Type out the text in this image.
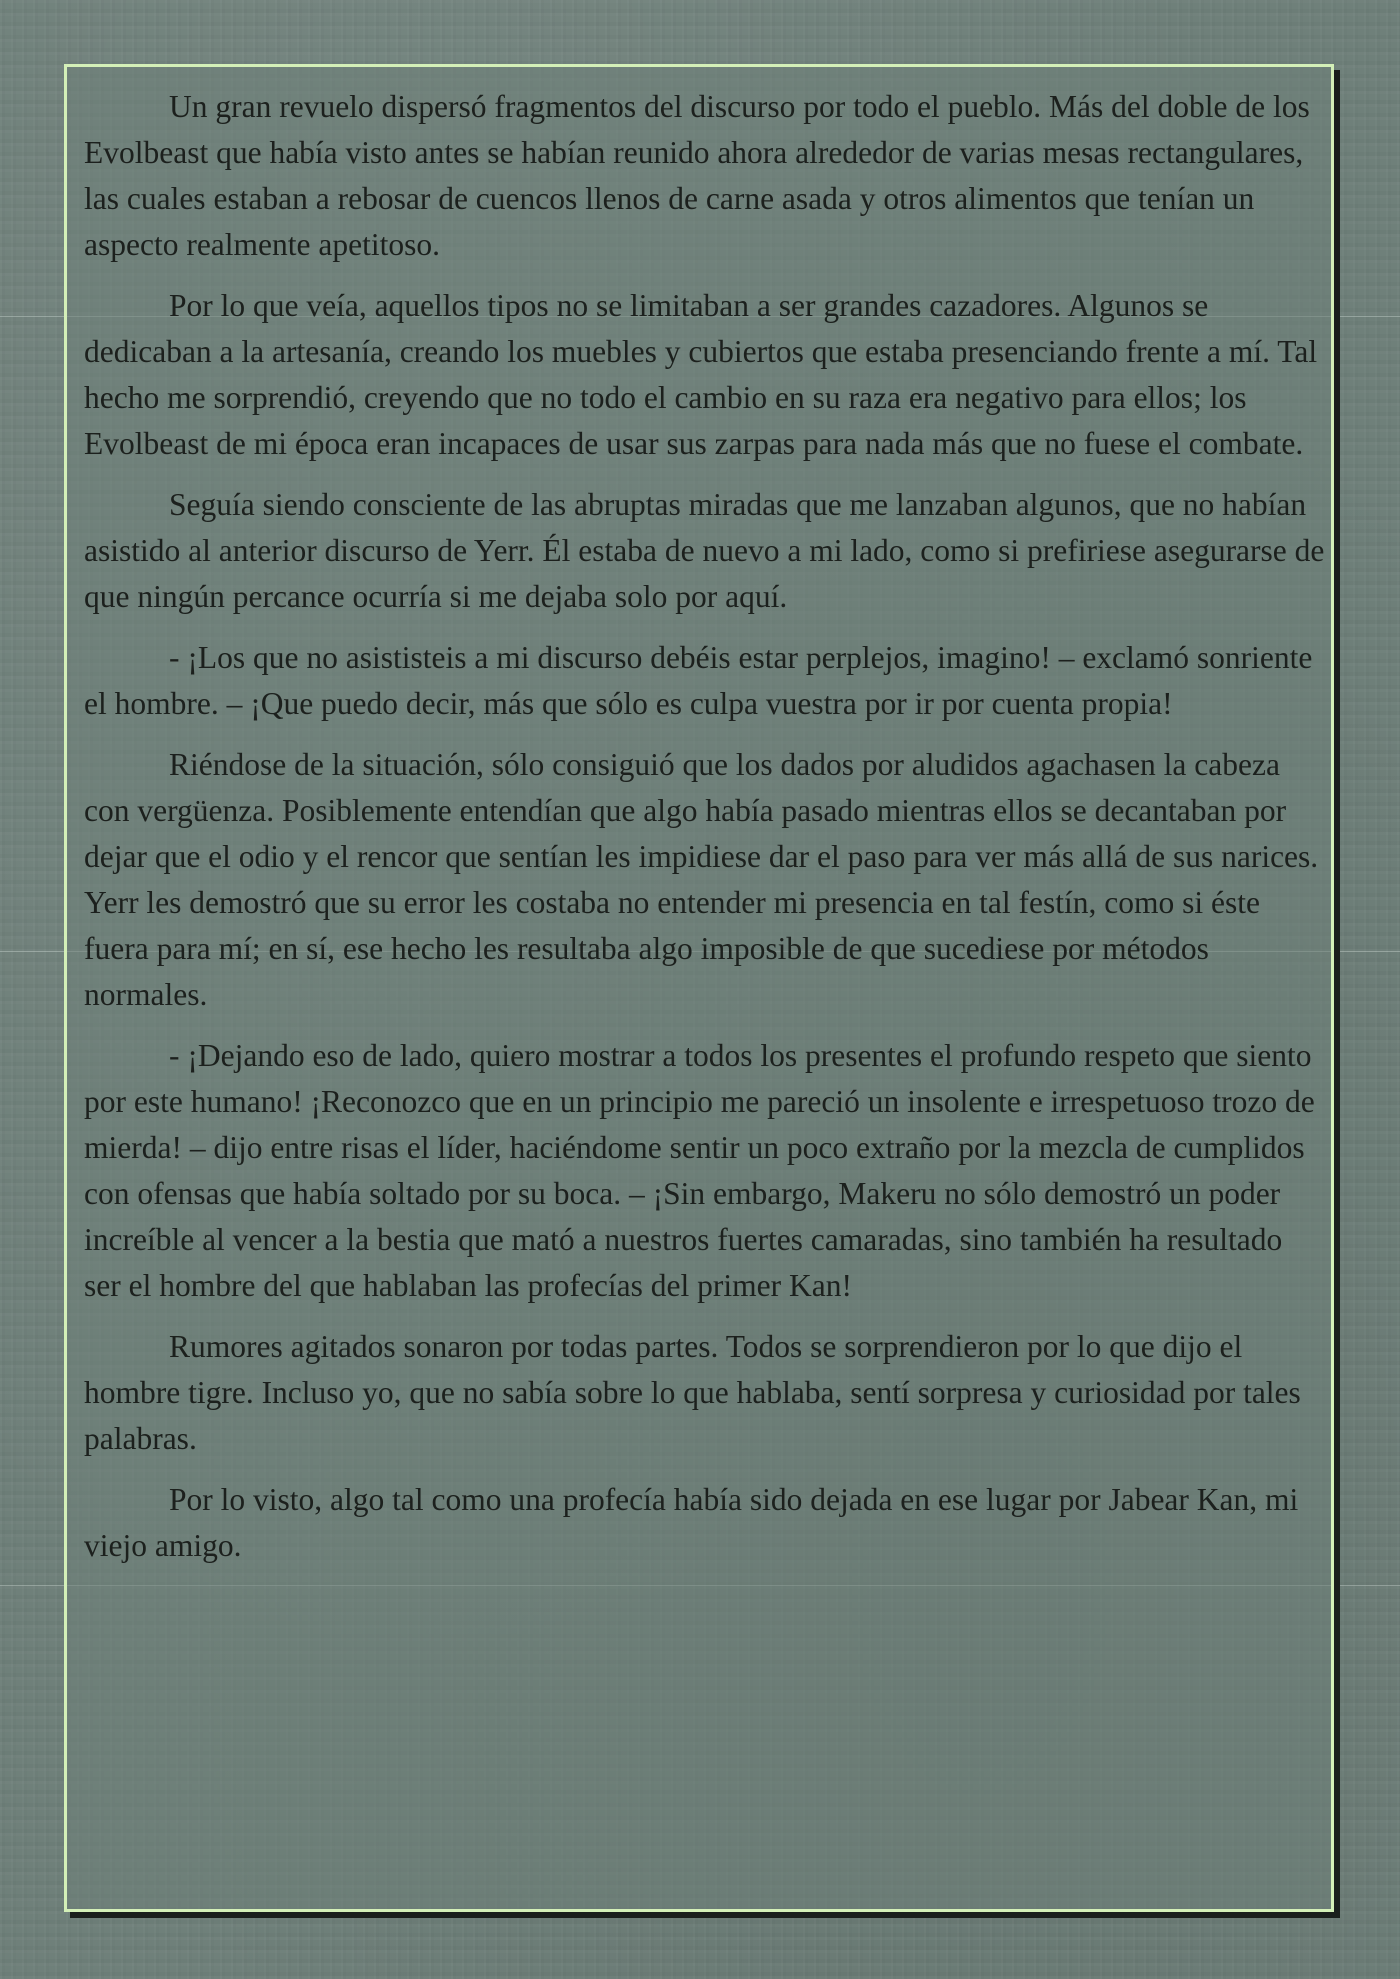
Un gran revuelo dispersó fragmentos del discurso por todo el pueblo. Más del doble de los Evolbeast que había visto antes se habían reunido ahora alrededor de varias mesas rectangulares, las cuales estaban a rebosar de cuencos llenos de carne asada y otros alimentos que tenían un aspecto realmente apetitoso.

Por lo que veía, aquellos tipos no se limitaban a ser grandes cazadores. Algunos se dedicaban a la artesanía, creando los muebles y cubiertos que estaba presenciando frente a mí. Tal hecho me sorprendió, creyendo que no todo el cambio en su raza era negativo para ellos; los Evolbeast de mi época eran incapaces de usar sus zarpas para nada más que no fuese el combate.

Seguía siendo consciente de las abruptas miradas que me lanzaban algunos, que no habían asistido al anterior discurso de Yerr. Él estaba de nuevo a mi lado, como si prefiriese asegurarse de que ningún percance ocurría si me dejaba solo por aquí.

- ¡Los que no asististeis a mi discurso debéis estar perplejos, imagino! – exclamó sonriente el hombre. – ¡Que puedo decir, más que sólo es culpa vuestra por ir por cuenta propia!

Riéndose de la situación, sólo consiguió que los dados por aludidos agachasen la cabeza con vergüenza. Posiblemente entendían que algo había pasado mientras ellos se decantaban por dejar que el odio y el rencor que sentían les impidiese dar el paso para ver más allá de sus narices. Yerr les demostró que su error les costaba no entender mi presencia en tal festín, como si éste fuera para mí; en sí, ese hecho les resultaba algo imposible de que sucediese por métodos normales.

- ¡Dejando eso de lado, quiero mostrar a todos los presentes el profundo respeto que siento por este humano! ¡Reconozco que en un principio me pareció un insolente e irrespetuoso trozo de mierda! – dijo entre risas el líder, haciéndome sentir un poco extraño por la mezcla de cumplidos con ofensas que había soltado por su boca. – ¡Sin embargo, Makeru no sólo demostró un poder increíble al vencer a la bestia que mató a nuestros fuertes camaradas, sino también ha resultado ser el hombre del que hablaban las profecías del primer Kan!

Rumores agitados sonaron por todas partes. Todos se sorprendieron por lo que dijo el hombre tigre. Incluso yo, que no sabía sobre lo que hablaba, sentí sorpresa y curiosidad por tales palabras.

Por lo visto, algo tal como una profecía había sido dejada en ese lugar por Jabear Kan, mi viejo amigo.
